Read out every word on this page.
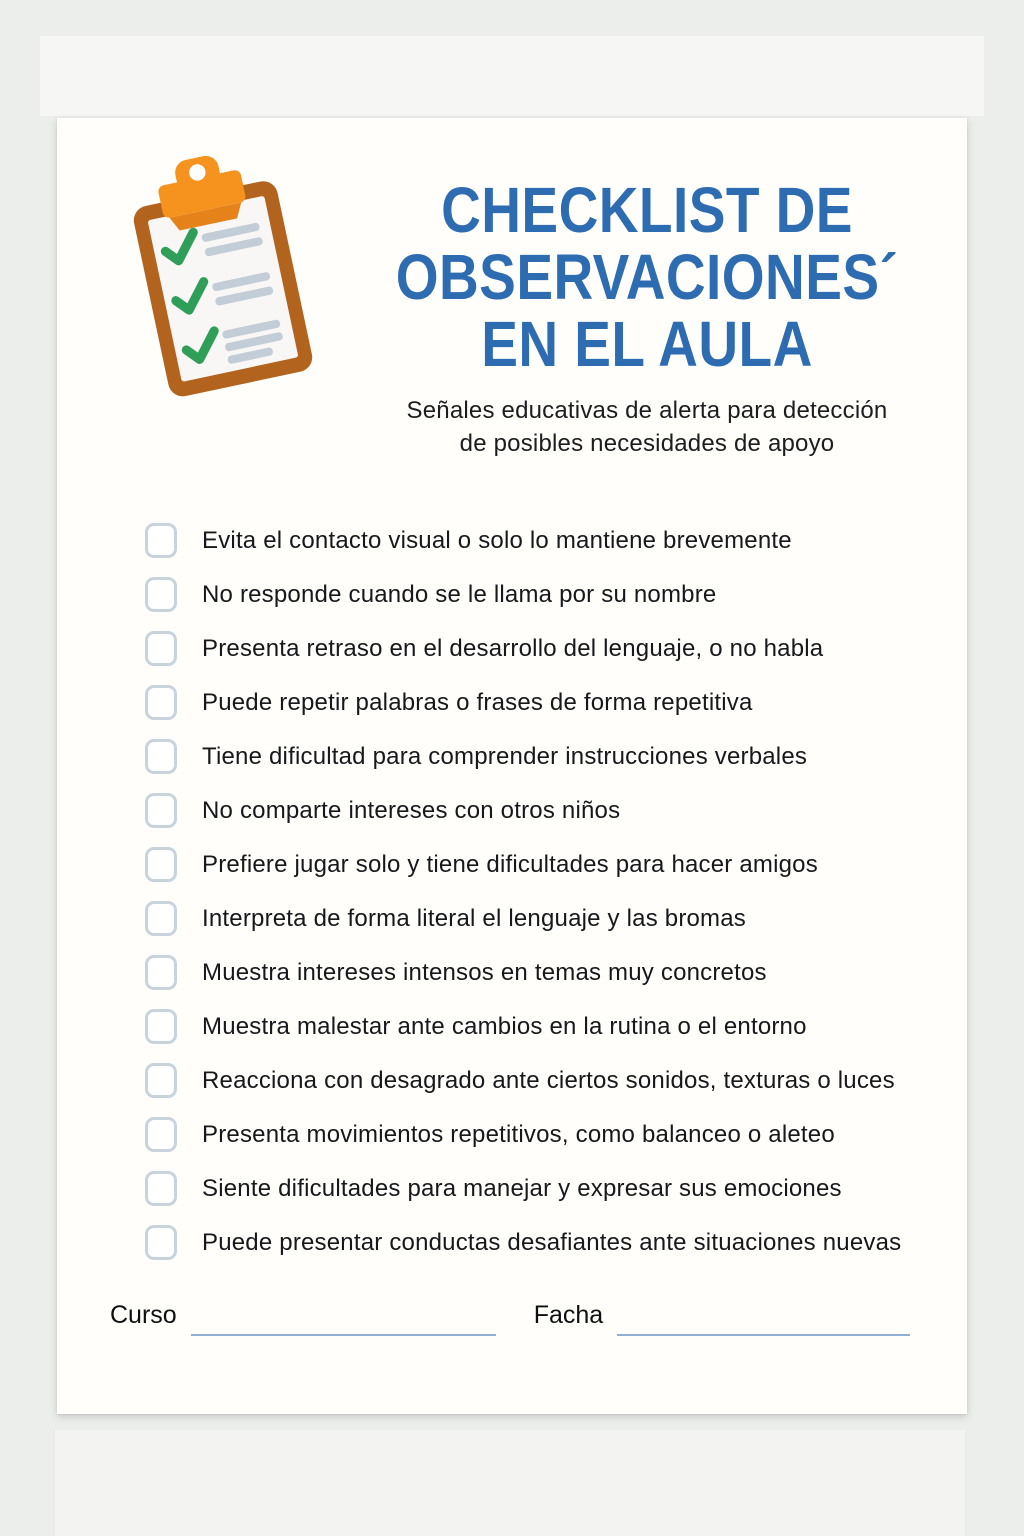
CHECKLIST DE
OBSERVACIONES´
EN EL AULA
Señales educativas de alerta para detección
de posibles necesidades de apoyo
Evita el contacto visual o solo lo mantiene brevemente
No responde cuando se le llama por su nombre
Presenta retraso en el desarrollo del lenguaje, o no habla
Puede repetir palabras o frases de forma repetitiva
Tiene dificultad para comprender instrucciones verbales
No comparte intereses con otros niños
Prefiere jugar solo y tiene dificultades para hacer amigos
Interpreta de forma literal el lenguaje y las bromas
Muestra intereses intensos en temas muy concretos
Muestra malestar ante cambios en la rutina o el entorno
Reacciona con desagrado ante ciertos sonidos, texturas o luces
Presenta movimientos repetitivos, como balanceo o aleteo
Siente dificultades para manejar y expresar sus emociones
Puede presentar conductas desafiantes ante situaciones nuevas
Curso	Facha
